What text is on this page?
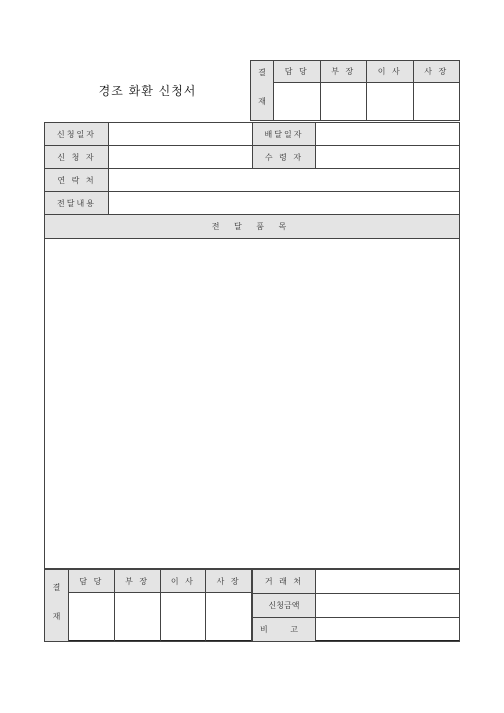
경조 화환 신청서	결 재	담 당	부 장	이 사	사 장

신청일자		배달일자	
신 청 자		수 령 자	
연 락 처			
전달내용			
전 달 품 목			

결 재	담 당	부 장	이 사	사 장
				거 래 처	
신청금액	
비 고	
